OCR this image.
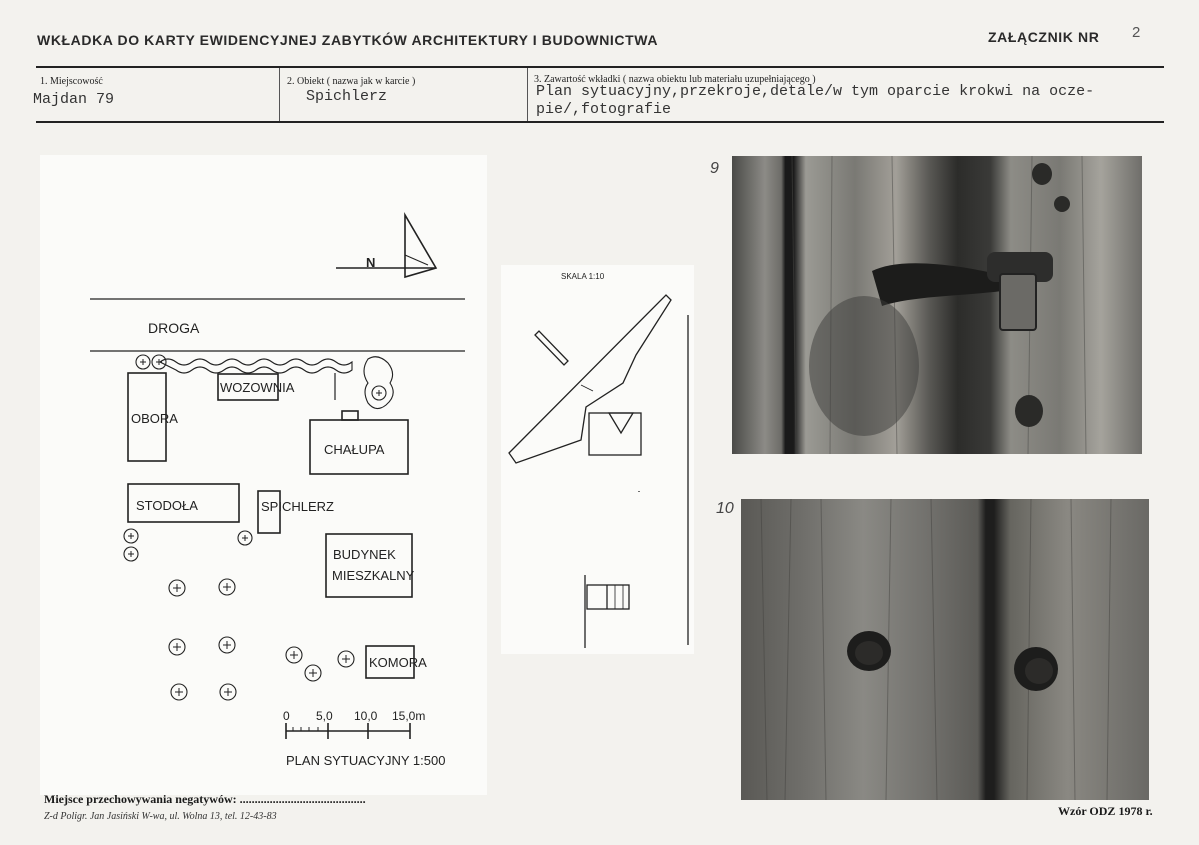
WKŁADKA DO KARTY EWIDENCYJNEJ ZABYTKÓW ARCHITEKTURY I BUDOWNICTWA	ZAŁĄCZNIK NR 2
1. Miejscowość
Majdan 79
2. Obiekt ( nazwa jak w karcie )
Spichlerz
3. Zawartość wkładki ( nazwa obiektu lub materiału uzupełniającego )
Plan sytuacyjny,przekroje,detale/w tym oparcie krokwi na ocze-
pie/,fotografie
N
DROGA
OBORA
WOZOWNIA
CHAŁUPA
STODOŁA	SPICHLERZ
BUDYNEK
MIESZKALNY
KOMORA
0 5,0 10,0 15,0m
PLAN SYTUACYJNY 1:500
SKALA 1:10
9
10
Miejsce przechowywania negatywów: ..........................................
Z-d Poligr. Jan Jasiński W-wa, ul. Wolna 13, tel. 12-43-83	Wzór ODZ 1978 r.
